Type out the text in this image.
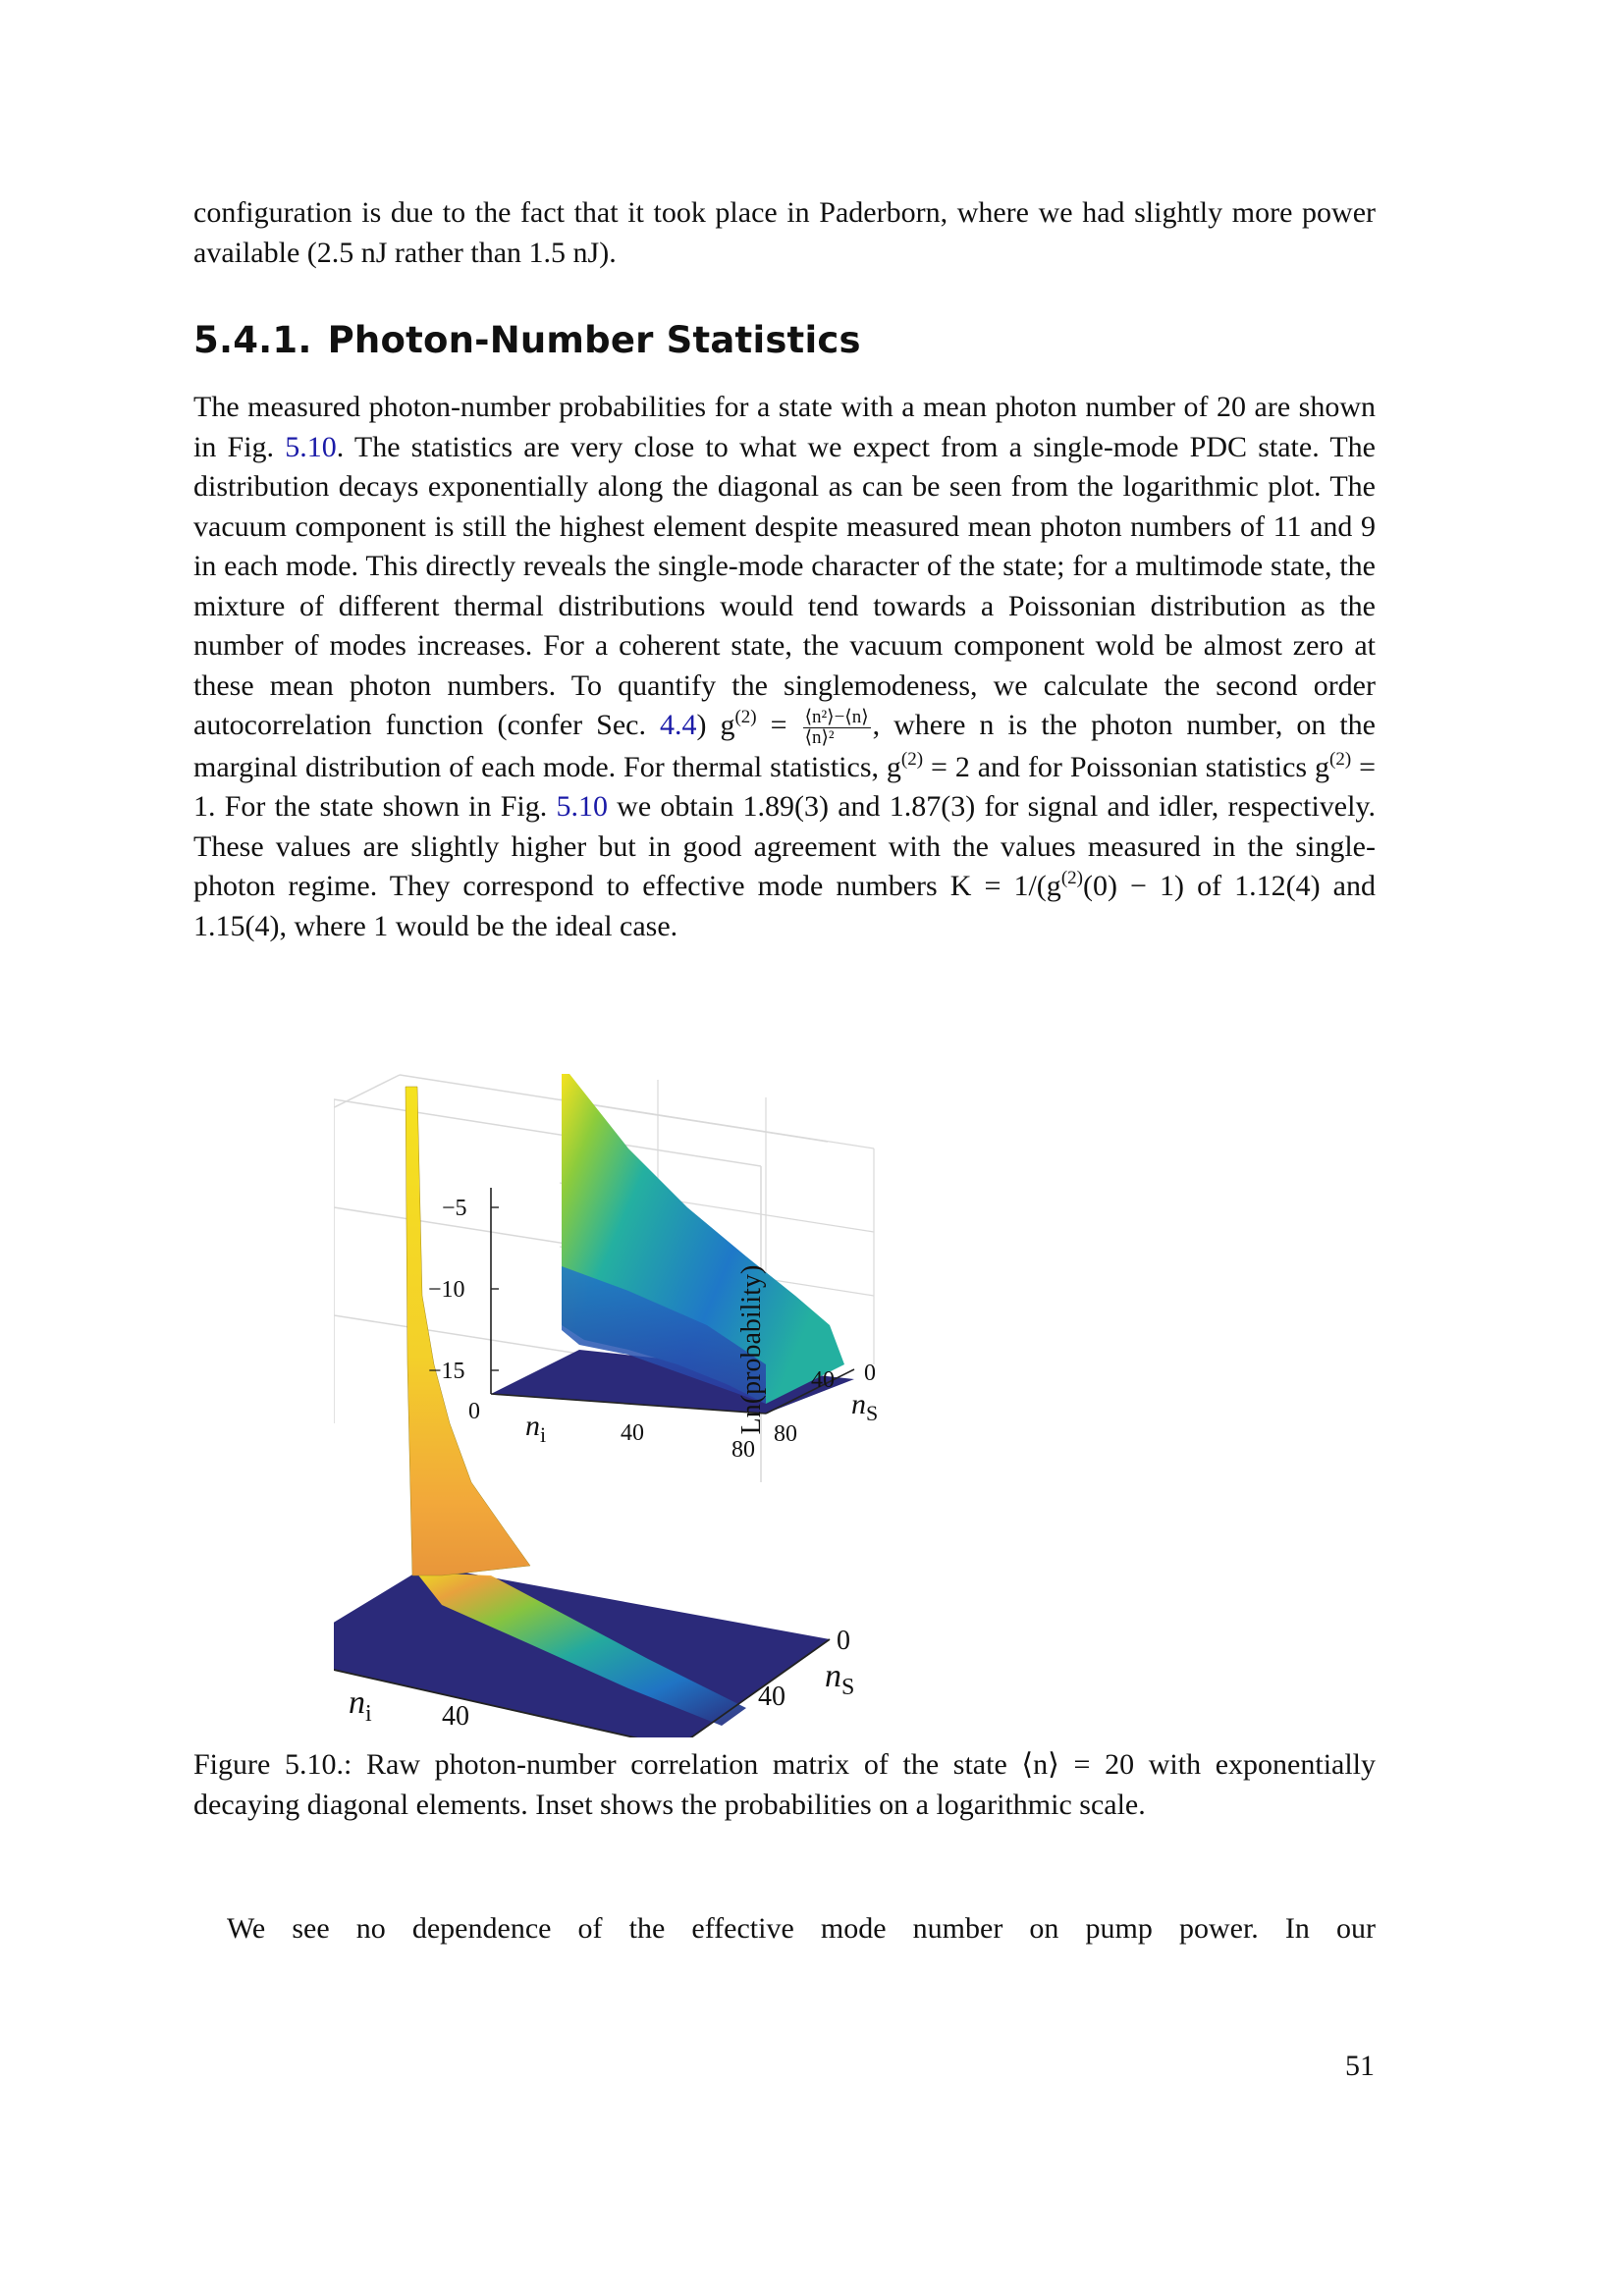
configuration is due to the fact that it took place in Paderborn, where we had slightly more power available (2.5 nJ rather than 1.5 nJ).

5.4.1. Photon-Number Statistics

The measured photon-number probabilities for a state with a mean photon number of 20 are shown in Fig. 5.10. The statistics are very close to what we expect from a single-mode PDC state. The distribution decays exponentially along the diagonal as can be seen from the logarithmic plot. The vacuum component is still the highest element despite measured mean photon numbers of 11 and 9 in each mode. This directly reveals the single-mode character of the state; for a multimode state, the mixture of different thermal distributions would tend towards a Poissonian distribution as the number of modes increases. For a coherent state, the vacuum component wold be almost zero at these mean photon numbers. To quantify the singlemodeness, we calculate the second order autocorrelation function (confer Sec. 4.4) $g^{(2)} = \frac{\text{⟨n²⟩−⟨n⟩}}{\text{⟨n⟩²}}$ , where n is the photon number, on the marginal distribution of each mode. For thermal statistics, $g^{(2)} = 2$ and for Poissonian statistics $g^{(2)} = 1$. For the state shown in Fig. 5.10 we obtain 1.89(3) and 1.87(3) for signal and idler, respectively. These values are slightly higher but in good agreement with the values measured in the single-photon regime. They correspond to effective mode numbers $K = 1/(g^{(2)}(0) - 1)$ of 1.12(4) and 1.15(4), where 1 would be the ideal case.

40
$n_i$
0
40
$n_S$
−5
−10
−15	Ln(probability)
0
40
80
$n_i$
0
40
80
$n_S$
Figure 5.10.: Raw photon-number correlation matrix of the state ⟨n⟩ = 20 with exponentially decaying diagonal elements. Inset shows the probabilities on a logarithmic scale.

We see no dependence of the effective mode number on pump power. In our

51
